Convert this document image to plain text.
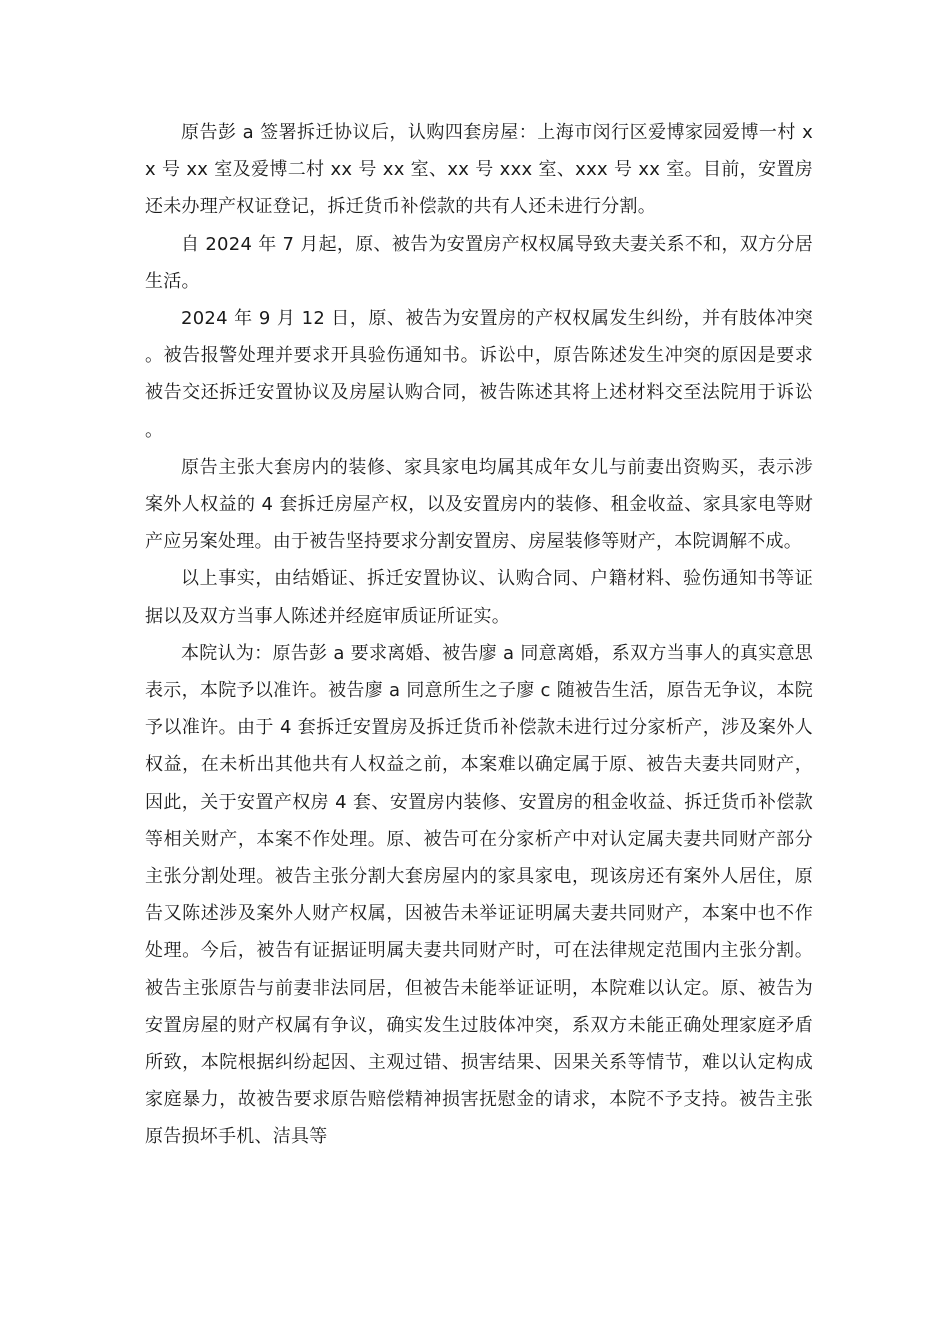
原告彭 a 签署拆迁协议后，认购四套房屋：上海市闵行区爱博家园爱博一村 xx 号 xx 室及爱博二村 xx 号 xx 室、xx 号 xxx 室、xxx 号 xx 室。目前，安置房还未办理产权证登记，拆迁货币补偿款的共有人还未进行分割。

自 2024 年 7 月起，原、被告为安置房产权权属导致夫妻关系不和，双方分居生活。

2024 年 9 月 12 日，原、被告为安置房的产权权属发生纠纷，并有肢体冲突。被告报警处理并要求开具验伤通知书。诉讼中，原告陈述发生冲突的原因是要求被告交还拆迁安置协议及房屋认购合同，被告陈述其将上述材料交至法院用于诉讼。

原告主张大套房内的装修、家具家电均属其成年女儿与前妻出资购买，表示涉案外人权益的 4 套拆迁房屋产权，以及安置房内的装修、租金收益、家具家电等财产应另案处理。由于被告坚持要求分割安置房、房屋装修等财产，本院调解不成。

以上事实，由结婚证、拆迁安置协议、认购合同、户籍材料、验伤通知书等证据以及双方当事人陈述并经庭审质证所证实。

本院认为：原告彭 a 要求离婚、被告廖 a 同意离婚，系双方当事人的真实意思表示，本院予以准许。被告廖 a 同意所生之子廖 c 随被告生活，原告无争议，本院予以准许。由于 4 套拆迁安置房及拆迁货币补偿款未进行过分家析产，涉及案外人权益，在未析出其他共有人权益之前，本案难以确定属于原、被告夫妻共同财产，因此，关于安置产权房 4 套、安置房内装修、安置房的租金收益、拆迁货币补偿款等相关财产，本案不作处理。原、被告可在分家析产中对认定属夫妻共同财产部分主张分割处理。被告主张分割大套房屋内的家具家电，现该房还有案外人居住，原告又陈述涉及案外人财产权属，因被告未举证证明属夫妻共同财产，本案中也不作处理。今后，被告有证据证明属夫妻共同财产时，可在法律规定范围内主张分割。被告主张原告与前妻非法同居，但被告未能举证证明，本院难以认定。原、被告为安置房屋的财产权属有争议，确实发生过肢体冲突，系双方未能正确处理家庭矛盾所致，本院根据纠纷起因、主观过错、损害结果、因果关系等情节，难以认定构成家庭暴力，故被告要求原告赔偿精神损害抚慰金的请求，本院不予支持。被告主张原告损坏手机、洁具等
